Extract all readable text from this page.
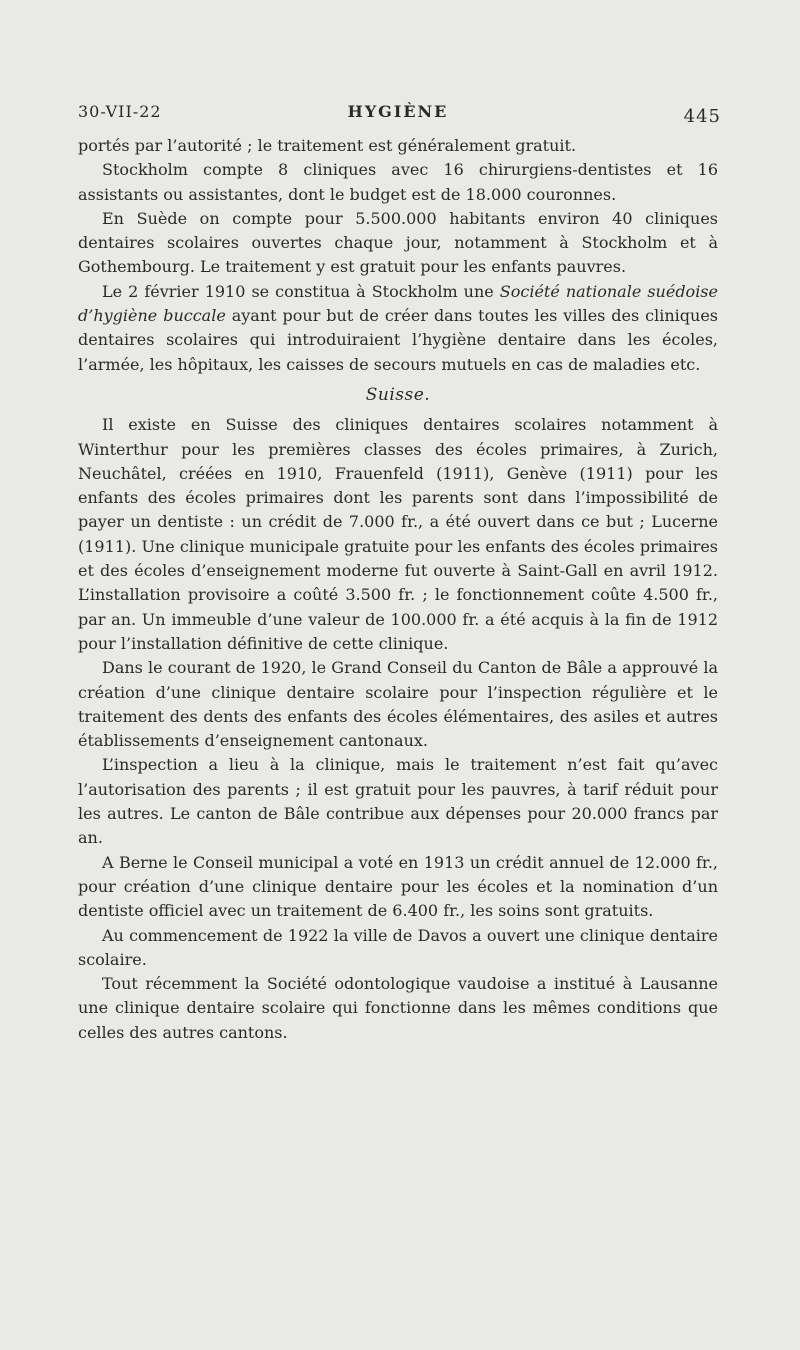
30-VII-22	HYGIÈNE	445

portés par l’autorité ; le traitement est généralement gratuit.

Stockholm compte 8 cliniques avec 16 chirurgiens-dentistes et 16 assistants ou assistantes, dont le budget est de 18.000 couronnes.

En Suède on compte pour 5.500.000 habitants environ 40 cliniques dentaires scolaires ouvertes chaque jour, notamment à Stockholm et à Gothembourg. Le traitement y est gratuit pour les enfants pauvres.

Le 2 février 1910 se constitua à Stockholm une Société nationale suédoise d’hygiène buccale ayant pour but de créer dans toutes les villes des cliniques dentaires scolaires qui introduiraient l’hygiène dentaire dans les écoles, l’armée, les hôpitaux, les caisses de secours mutuels en cas de maladies etc.

Suisse.

Il existe en Suisse des cliniques dentaires scolaires notamment à Winterthur pour les premières classes des écoles primaires, à Zurich, Neuchâtel, créées en 1910, Frauenfeld (1911), Genève (1911) pour les enfants des écoles primaires dont les parents sont dans l’impossibilité de payer un dentiste : un crédit de 7.000 fr., a été ouvert dans ce but ; Lucerne (1911). Une clinique municipale gratuite pour les enfants des écoles primaires et des écoles d’enseignement moderne fut ouverte à Saint-Gall en avril 1912. L’installation provisoire a coûté 3.500 fr. ; le fonctionnement coûte 4.500 fr., par an. Un immeuble d’une valeur de 100.000 fr. a été acquis à la fin de 1912 pour l’installation définitive de cette clinique.

Dans le courant de 1920, le Grand Conseil du Canton de Bâle a approuvé la création d’une clinique dentaire scolaire pour l’inspection régulière et le traitement des dents des enfants des écoles élémentaires, des asiles et autres établissements d’enseignement cantonaux.

L’inspection a lieu à la clinique, mais le traitement n’est fait qu’avec l’autorisation des parents ; il est gratuit pour les pauvres, à tarif réduit pour les autres. Le canton de Bâle contribue aux dépenses pour 20.000 francs par an.

A Berne le Conseil municipal a voté en 1913 un crédit annuel de 12.000 fr., pour création d’une clinique dentaire pour les écoles et la nomination d’un dentiste officiel avec un traitement de 6.400 fr., les soins sont gratuits.

Au commencement de 1922 la ville de Davos a ouvert une clinique dentaire scolaire.

Tout récemment la Société odontologique vaudoise a institué à Lausanne une clinique dentaire scolaire qui fonctionne dans les mêmes conditions que celles des autres cantons.
